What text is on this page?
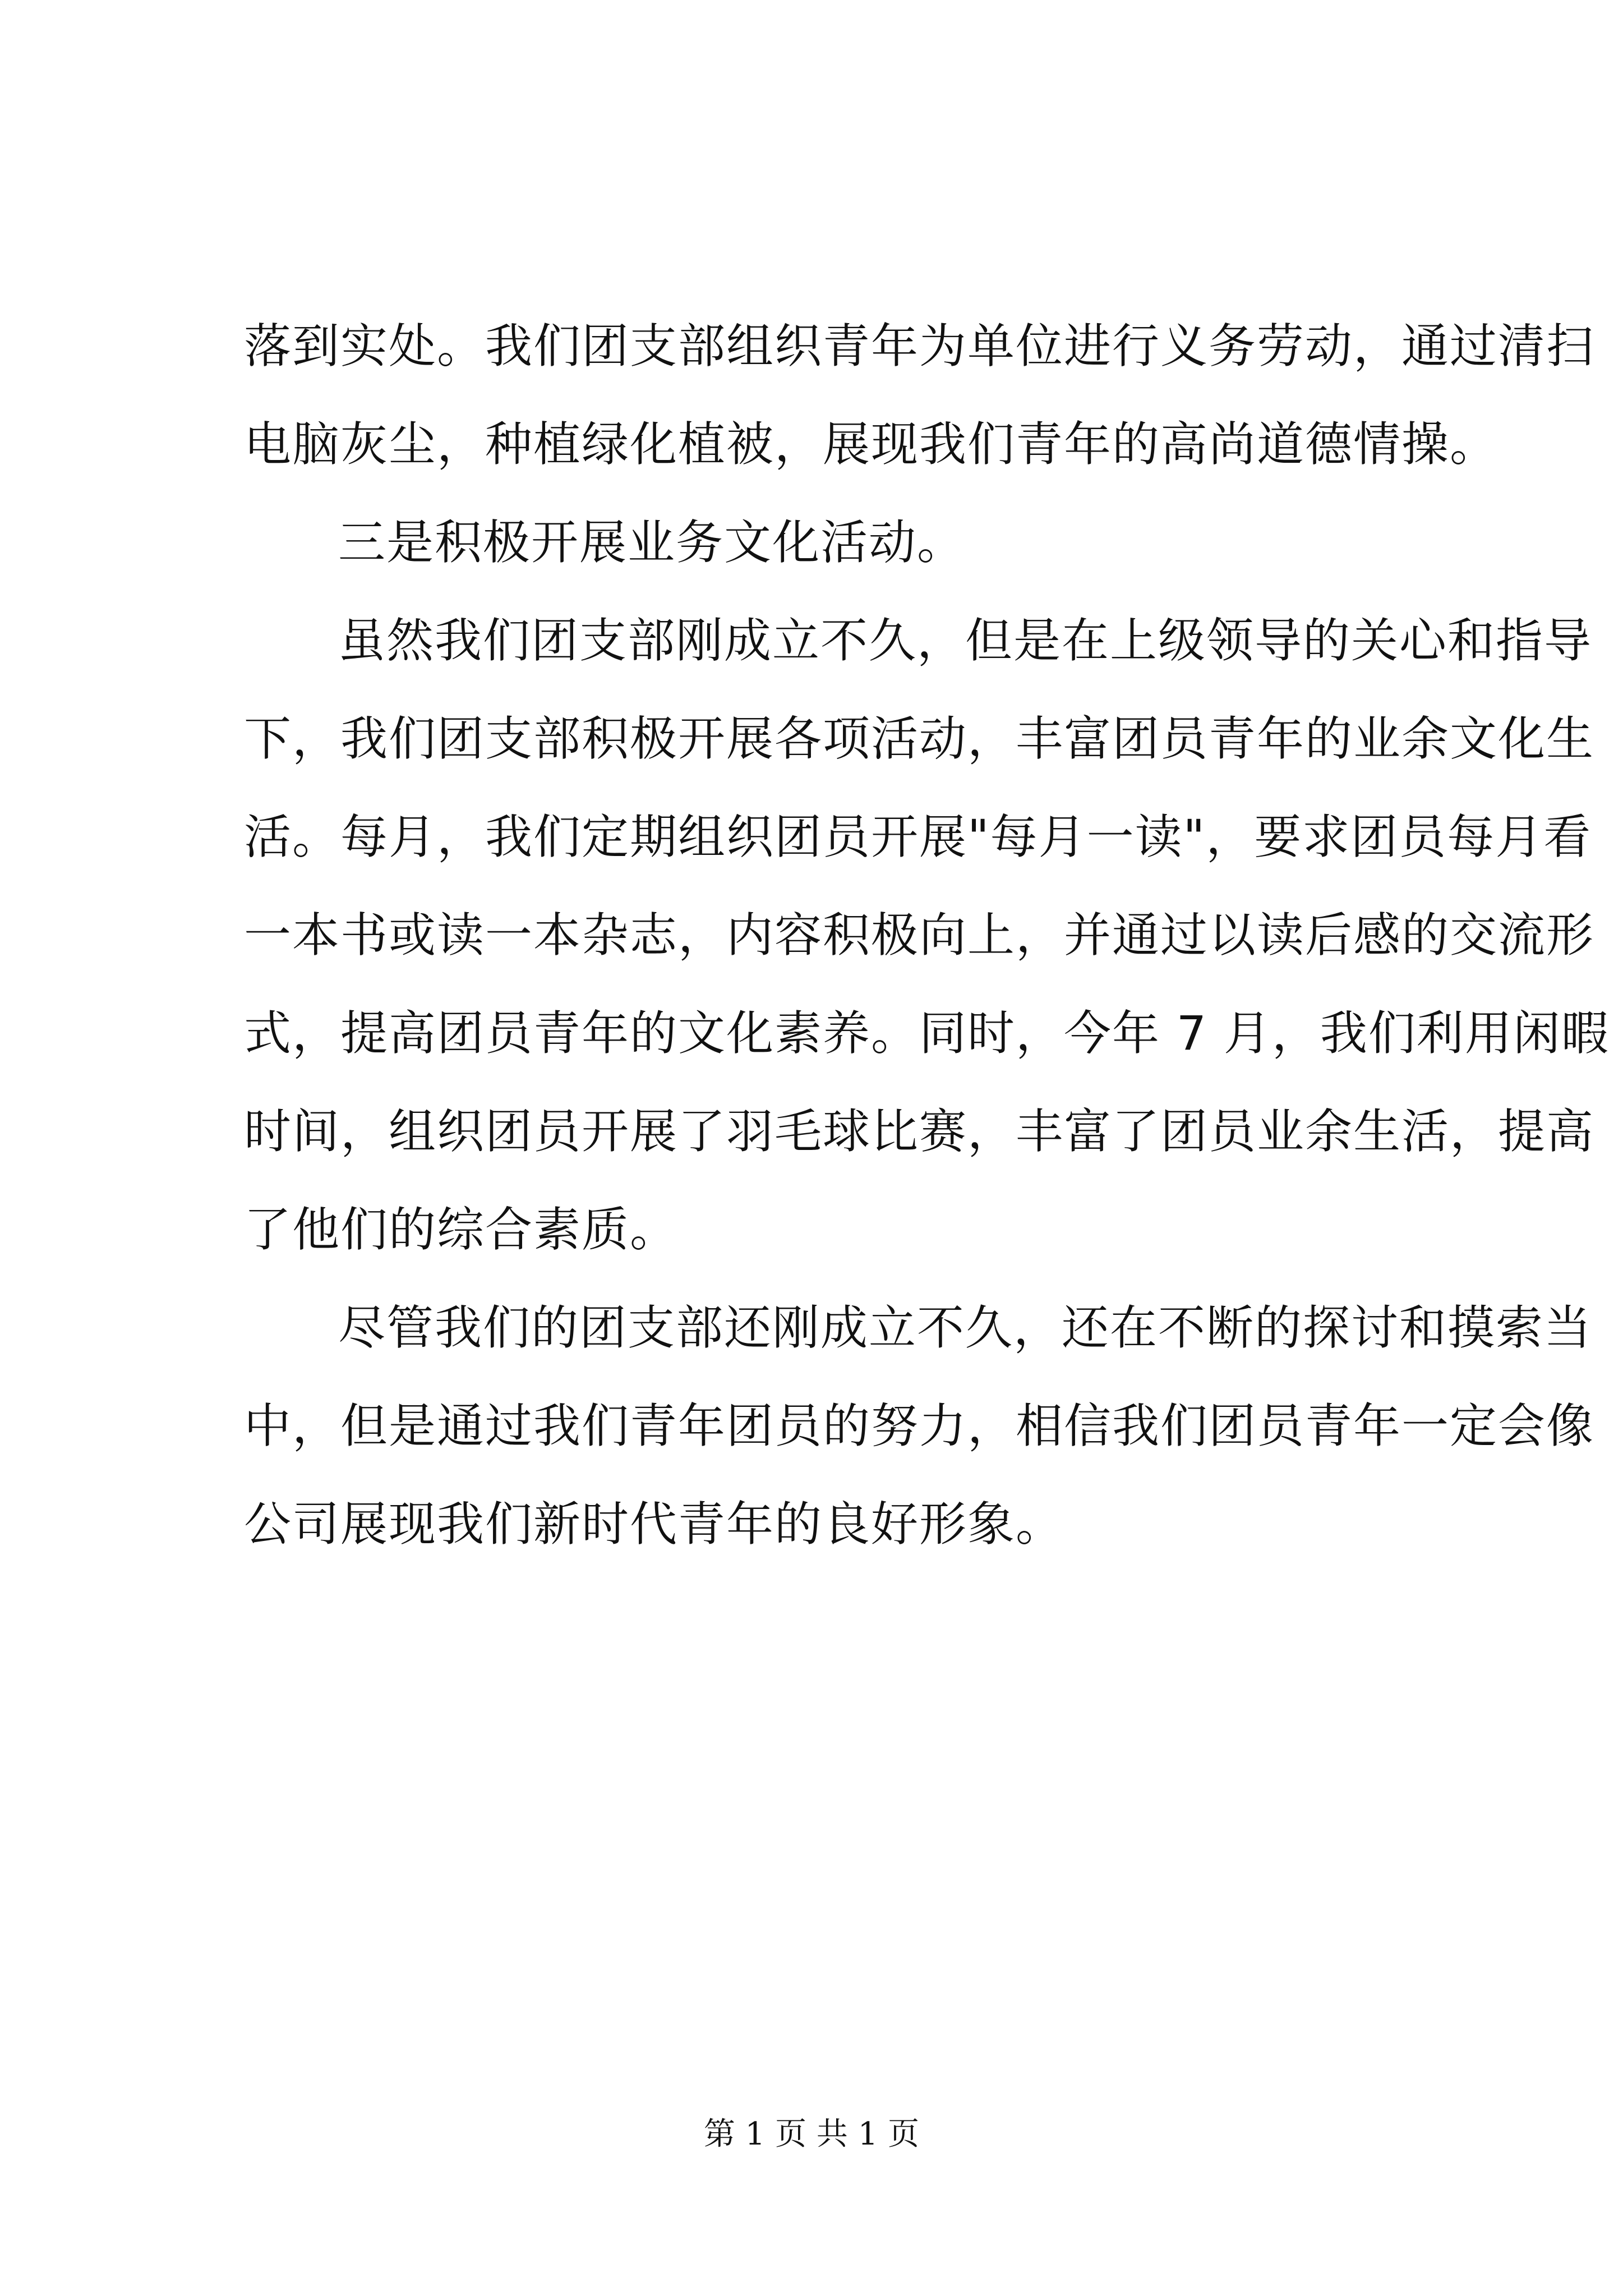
落到实处。我们团支部组织青年为单位进行义务劳动，通过清扫
电脑灰尘，种植绿化植被，展现我们青年的高尚道德情操。
三是积极开展业务文化活动。
虽然我们团支部刚成立不久，但是在上级领导的关心和指导
下，我们团支部积极开展各项活动，丰富团员青年的业余文化生
活。每月，我们定期组织团员开展"每月一读"，要求团员每月看
一本书或读一本杂志，内容积极向上，并通过以读后感的交流形
式，提高团员青年的文化素养。同时，今年 7 月，我们利用闲暇
时间，组织团员开展了羽毛球比赛，丰富了团员业余生活，提高
了他们的综合素质。
尽管我们的团支部还刚成立不久，还在不断的探讨和摸索当
中，但是通过我们青年团员的努力，相信我们团员青年一定会像
公司展现我们新时代青年的良好形象。
第 1 页 共 1 页
